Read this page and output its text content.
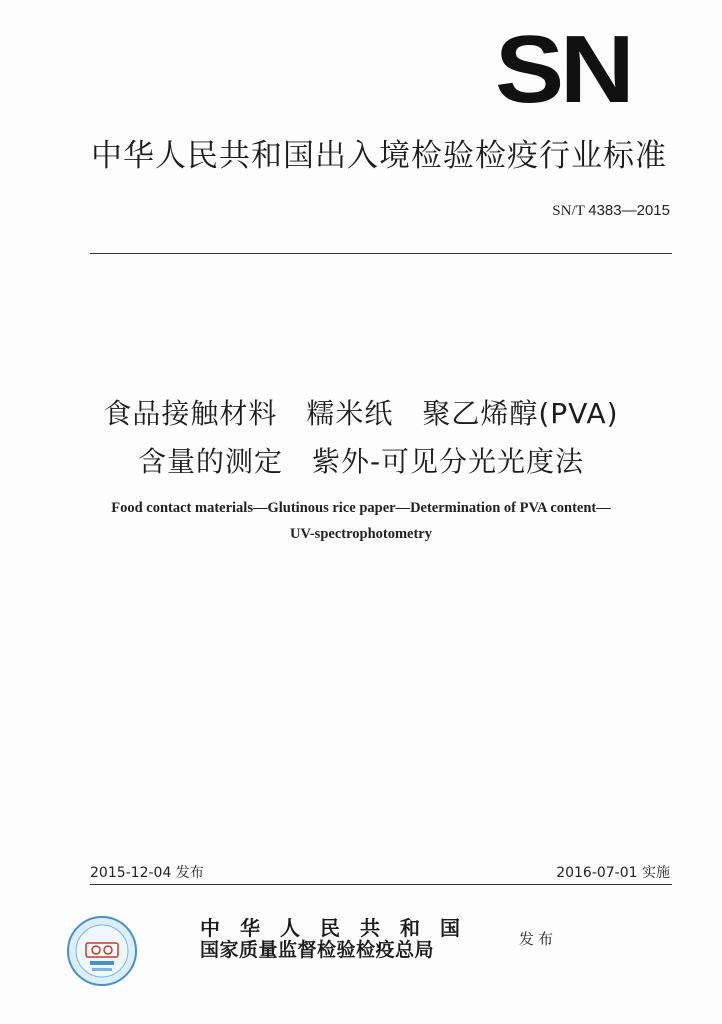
SN
中华人民共和国出入境检验检疫行业标准
SN/T 4383—2015
食品接触材料　糯米纸　聚乙烯醇(PVA)
含量的测定　紫外-可见分光光度法
Food contact materials—Glutinous rice paper—Determination of PVA content—
UV-spectrophotometry
2015-12-04 发布	2016-07-01 实施
中华人民共和国
国家质量监督检验检疫总局	发布
